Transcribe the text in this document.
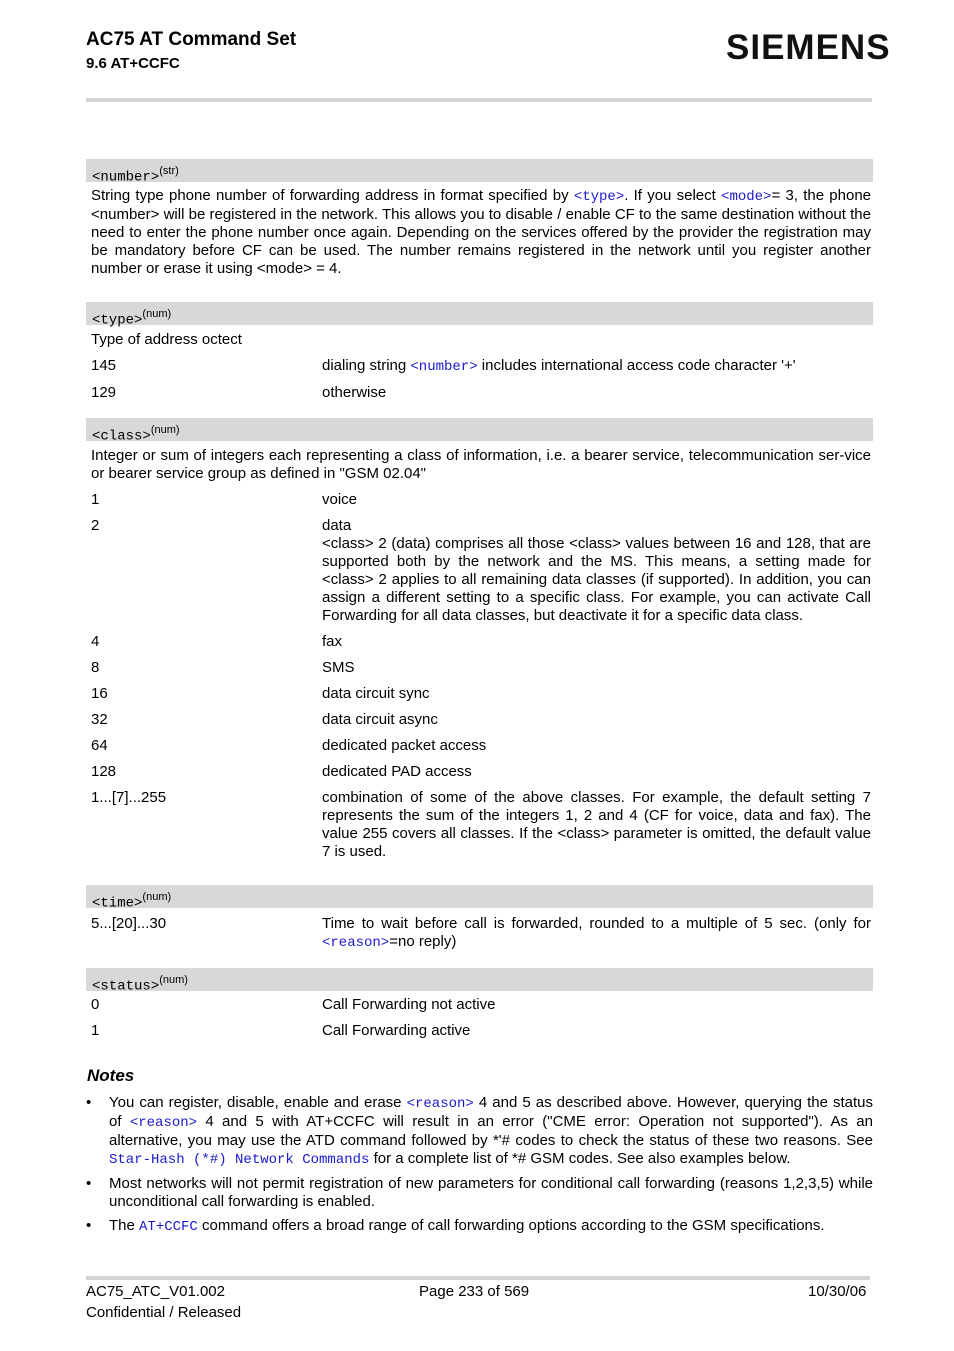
AC75 AT Command Set
9.6 AT+CCFC	SIEMENS
<number>$^{(str)}$
String type phone number of forwarding address in format specified by <type>. If you select <mode>= 3, the phone <number> will be registered in the network. This allows you to disable / enable CF to the same destination without the need to enter the phone number once again. Depending on the services offered by the provider the registration may be mandatory before CF can be used. The number remains registered in the network until you register another number or erase it using <mode> = 4.
<type>$^{(num)}$
Type of address octect
145	dialing string <number> includes international access code character '+'
129	otherwise
<class>$^{(num)}$
Integer or sum of integers each representing a class of information, i.e. a bearer service, telecommunication ser-vice or bearer service group as defined in "GSM 02.04"
1	voice
2	data
<class> 2 (data) comprises all those <class> values between 16 and 128, that are supported both by the network and the MS. This means, a setting made for <class> 2 applies to all remaining data classes (if supported). In addition, you can assign a different setting to a specific class. For example, you can activate Call Forwarding for all data classes, but deactivate it for a specific data class.
4	fax
8	SMS
16	data circuit sync
32	data circuit async
64	dedicated packet access
128	dedicated PAD access
1...[7]...255	combination of some of the above classes. For example, the default setting 7 represents the sum of the integers 1, 2 and 4 (CF for voice, data and fax). The value 255 covers all classes. If the <class> parameter is omitted, the default value 7 is used.
<time>$^{(num)}$
5...[20]...30	Time to wait before call is forwarded, rounded to a multiple of 5 sec. (only for <reason>=no reply)
<status>$^{(num)}$
0	Call Forwarding not active
1	Call Forwarding active
Notes
•	You can register, disable, enable and erase <reason> 4 and 5 as described above. However, querying the status of <reason> 4 and 5 with AT+CCFC will result in an error ("CME error: Operation not supported"). As an alternative, you may use the ATD command followed by *'# codes to check the status of these two reasons. See Star-Hash (*#) Network Commands for a complete list of *# GSM codes. See also examples below.
•	Most networks will not permit registration of new parameters for conditional call forwarding (reasons 1,2,3,5) while unconditional call forwarding is enabled.
•	The AT+CCFC command offers a broad range of call forwarding options according to the GSM specifications.
AC75_ATC_V01.002
Confidential / Released
Page 233 of 569	10/30/06
